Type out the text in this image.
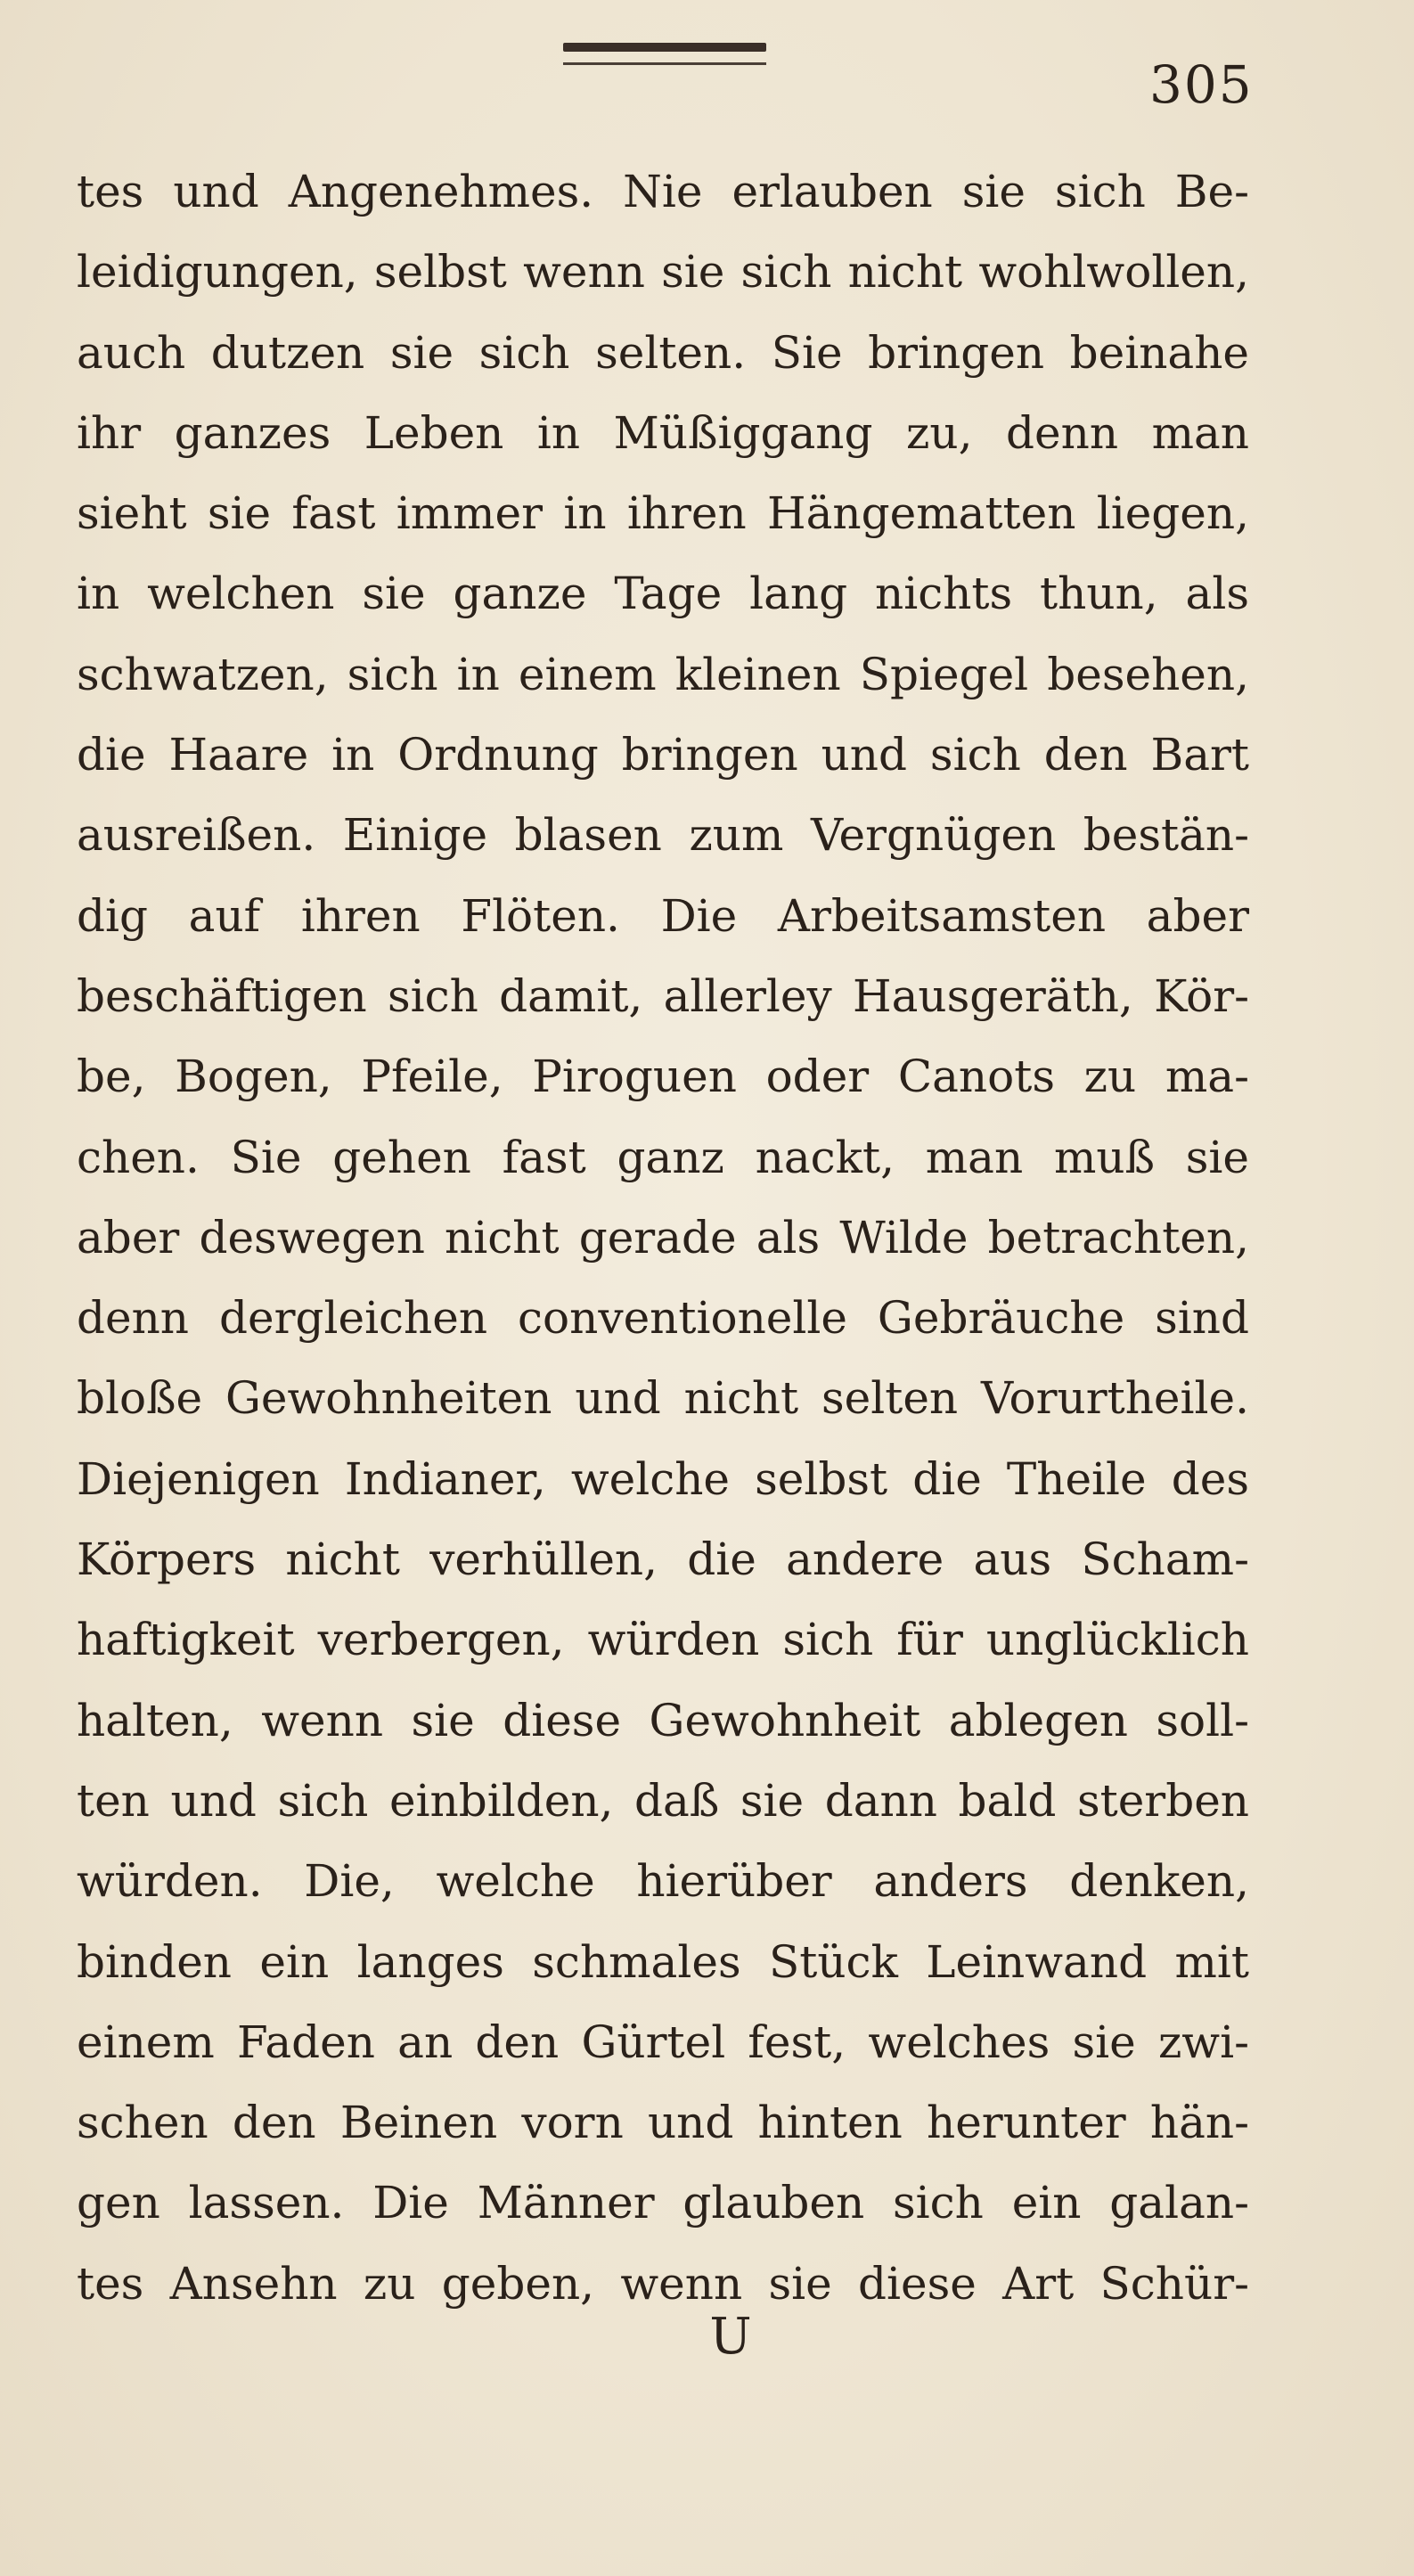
305
tes und Angenehmes. Nie erlauben sie sich Be-
leidigungen, selbst wenn sie sich nicht wohlwollen,
auch dutzen sie sich selten. Sie bringen beinahe
ihr ganzes Leben in Müßiggang zu, denn man
sieht sie fast immer in ihren Hängematten liegen,
in welchen sie ganze Tage lang nichts thun, als
schwatzen, sich in einem kleinen Spiegel besehen,
die Haare in Ordnung bringen und sich den Bart
ausreißen. Einige blasen zum Vergnügen bestän-
dig auf ihren Flöten. Die Arbeitsamsten aber
beschäftigen sich damit, allerley Hausgeräth, Kör-
be, Bogen, Pfeile, Piroguen oder Canots zu ma-
chen. Sie gehen fast ganz nackt, man muß sie
aber deswegen nicht gerade als Wilde betrachten,
denn dergleichen conventionelle Gebräuche sind
bloße Gewohnheiten und nicht selten Vorurtheile.
Diejenigen Indianer, welche selbst die Theile des
Körpers nicht verhüllen, die andere aus Scham-
haftigkeit verbergen, würden sich für unglücklich
halten, wenn sie diese Gewohnheit ablegen soll-
ten und sich einbilden, daß sie dann bald sterben
würden. Die, welche hierüber anders denken,
binden ein langes schmales Stück Leinwand mit
einem Faden an den Gürtel fest, welches sie zwi-
schen den Beinen vorn und hinten herunter hän-
gen lassen. Die Männer glauben sich ein galan-
tes Ansehn zu geben, wenn sie diese Art Schür-
U
